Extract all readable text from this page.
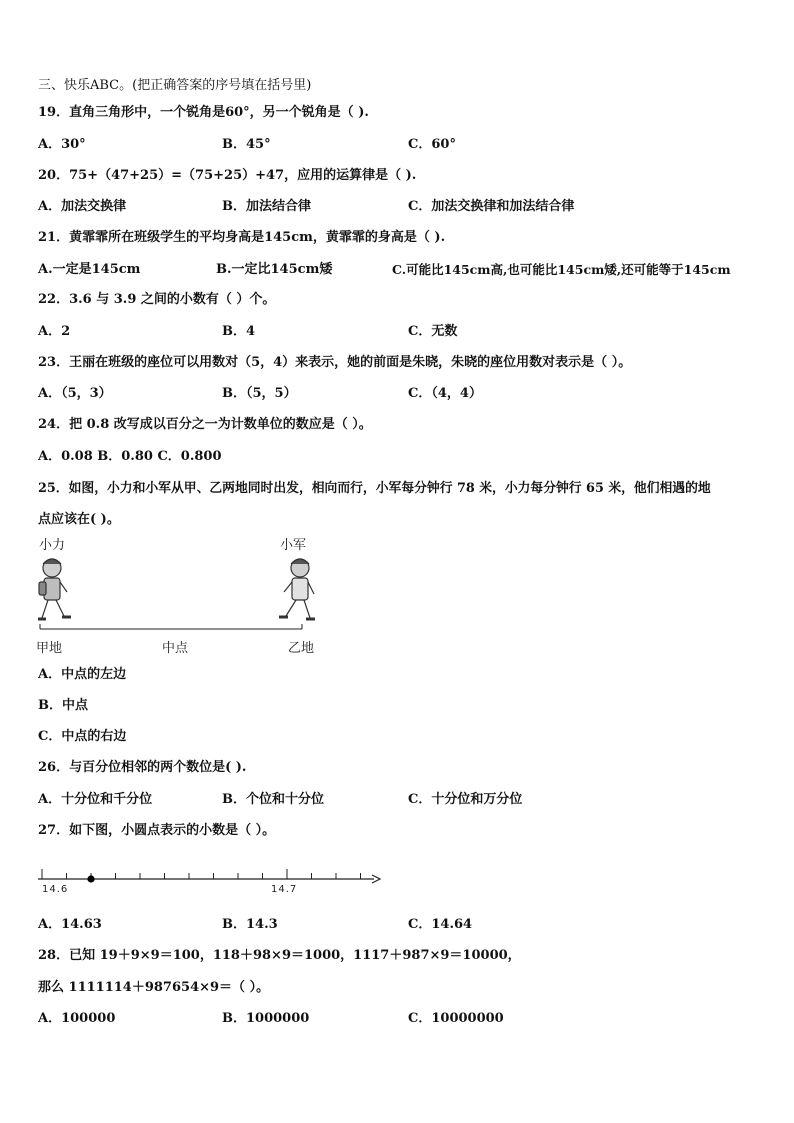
三、快乐ABC。(把正确答案的序号填在括号里)
19．直角三角形中，一个锐角是60°，另一个锐角是（ ).
A．30°	B．45°	C．60°
20．75+（47+25）=（75+25）+47，应用的运算律是（ ).
A．加法交换律	B．加法结合律	C．加法交换律和加法结合律
21．黄霏霏所在班级学生的平均身高是145cm，黄霏霏的身高是（ ).
A.一定是145cm	B.一定比145cm矮	C.可能比145cm高,也可能比145cm矮,还可能等于145cm
22．3.6 与 3.9 之间的小数有（ ）个。
A．2	B．4	C．无数
23．王丽在班级的座位可以用数对（5，4）来表示，她的前面是朱晓，朱晓的座位用数对表示是（ ）。
A．（5，3）	B．（5，5）	C．（4，4）
24．把 0.8 改写成以百分之一为计数单位的数应是（ ）。
A．0.08 B．0.80 C．0.800
25．如图，小力和小军从甲、乙两地同时出发，相向而行，小军每分钟行 78 米，小力每分钟行 65 米，他们相遇的地
点应该在( )。
小力	小军
甲地	中点	乙地
A．中点的左边
B．中点
C．中点的右边
26．与百分位相邻的两个数位是( ).
A．十分位和千分位	B．个位和十分位	C．十分位和万分位
27．如下图，小圆点表示的小数是（ ）。
14.6	14.7
A．14.63	B．14.3	C．14.64
28．已知 19＋9×9＝100，118＋98×9＝1000，1117＋987×9＝10000，
那么 1111114＋987654×9＝（ ）。
A．100000	B．1000000	C．10000000
